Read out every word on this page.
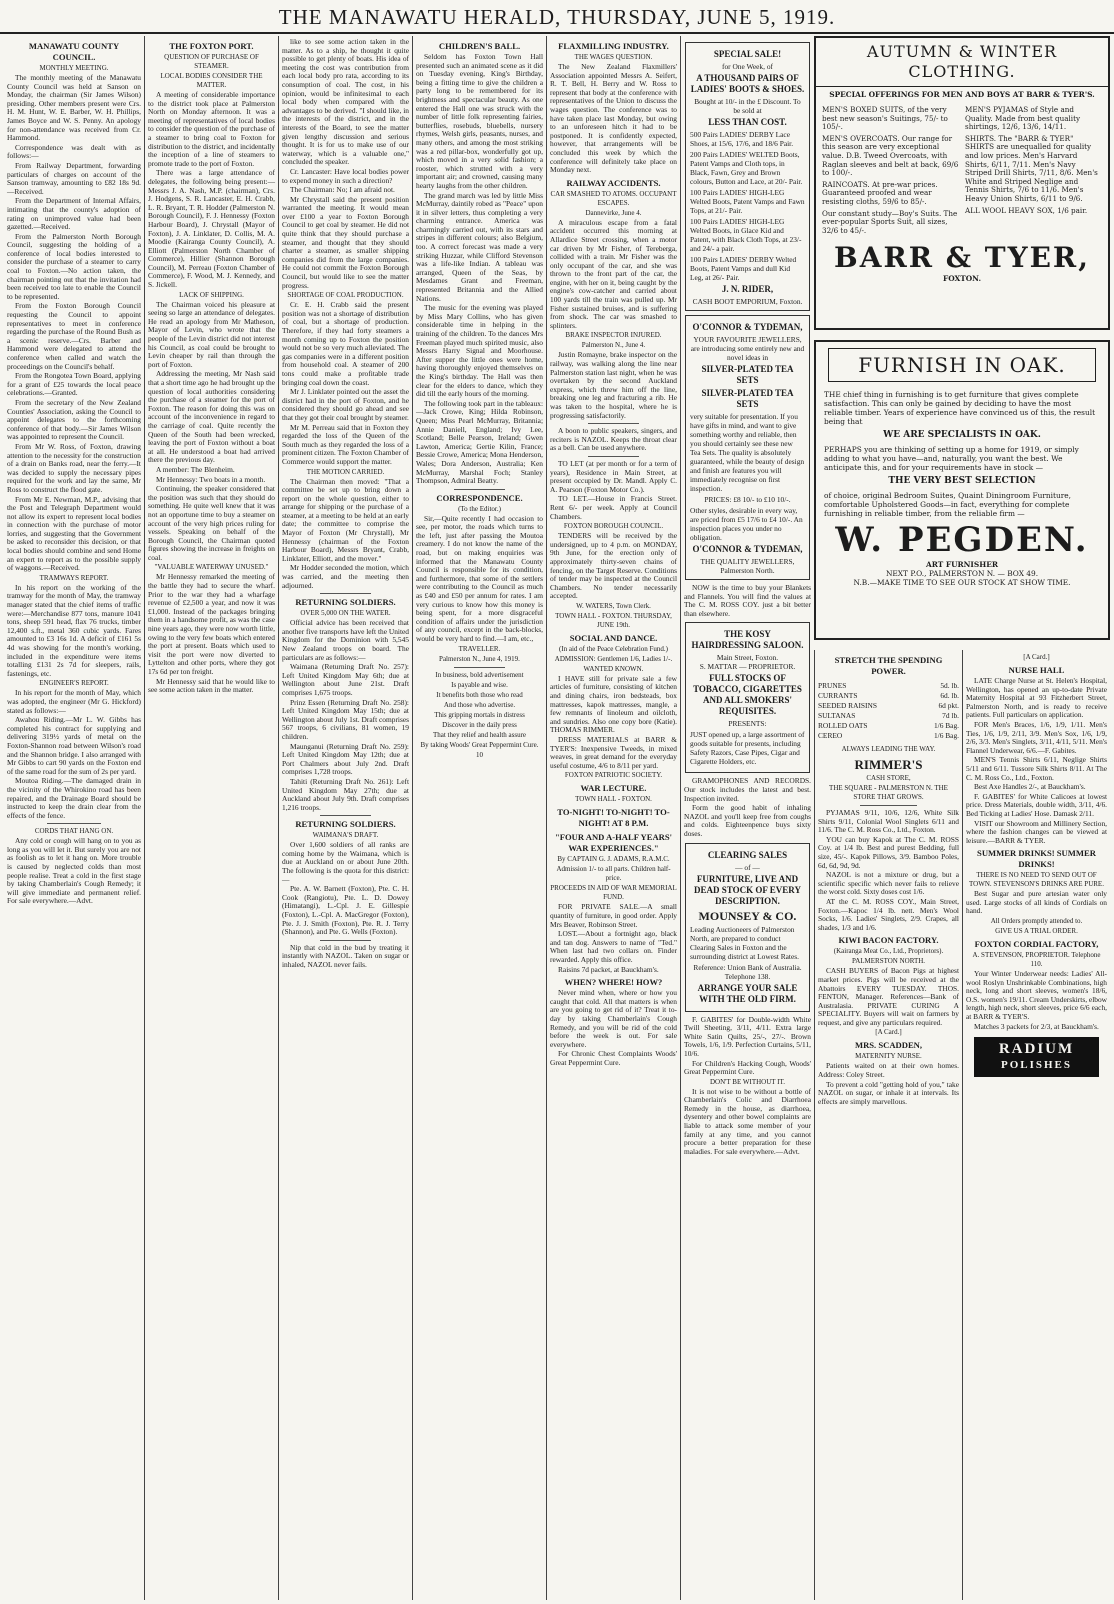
THE MANAWATU HERALD, THURSDAY, JUNE 5, 1919.
MANAWATU COUNTY COUNCIL.
MONTHLY MEETING.

The monthly meeting of the Manawatu County Council was held at Sanson on Monday, the chairman (Sir James Wilson) presiding. Other members present were Crs. H. M. Hunt, W. E. Barber, W. H. Phillips, James Boyce and W. S. Penny. An apology for non-attendance was received from Cr. Hammond.

Correspondence was dealt with as follows:—

From Railway Department, forwarding particulars of charges on account of the Sanson tramway, amounting to £82 18s 9d.—Received.

From the Department of Internal Affairs, intimating that the county's adoption of rating on unimproved value had been gazetted.—Received.

From the Palmerston North Borough Council, suggesting the holding of a conference of local bodies interested to consider the purchase of a steamer to carry coal to Foxton.—No action taken, the chairman pointing out that the invitation had been received too late to enable the Council to be represented.

From the Foxton Borough Council requesting the Council to appoint representatives to meet in conference regarding the purchase of the Round Bush as a scenic reserve.—Crs. Barber and Hammond were delegated to attend the conference when called and watch the proceedings on the Council's behalf.

From the Rongotea Town Board, applying for a grant of £25 towards the local peace celebrations.—Granted.

From the secretary of the New Zealand Counties' Association, asking the Council to appoint delegates to the forthcoming conference of that body.—Sir James Wilson was appointed to represent the Council.

From Mr W. Ross, of Foxton, drawing attention to the necessity for the construction of a drain on Banks road, near the ferry.—It was decided to supply the necessary pipes required for the work and lay the same, Mr Ross to construct the flood gate.

From Mr E. Newman, M.P., advising that the Post and Telegraph Department would not allow its expert to represent local bodies in connection with the purchase of motor lorries, and suggesting that the Government be asked to reconsider this decision, or that local bodies should combine and send Home an expert to report as to the possible supply of waggons.—Received.

TRAMWAYS REPORT.

In his report on the working of the tramway for the month of May, the tramway manager stated that the chief items of traffic were:—Merchandise 877 tons, manure 1041 tons, sheep 591 head, flax 76 trucks, timber 12,400 s.ft., metal 360 cubic yards. Fares amounted to £3 16s 1d. A deficit of £161 5s 4d was showing for the month's working, included in the expenditure were items totalling £131 2s 7d for sleepers, rails, fastenings, etc.

ENGINEER'S REPORT.

In his report for the month of May, which was adopted, the engineer (Mr G. Hickford) stated as follows:—

Awahou Riding.—Mr L. W. Gibbs has completed his contract for supplying and delivering 319½ yards of metal on the Foxton-Shannon road between Wilson's road and the Shannon bridge. I also arranged with Mr Gibbs to cart 90 yards on the Foxton end of the same road for the sum of 2s per yard.

Moutoa Riding.—The damaged drain in the vicinity of the Whirokino road has been repaired, and the Drainage Board should be instructed to keep the drain clear from the effects of the fence.

CORDS THAT HANG ON.

Any cold or cough will hang on to you as long as you will let it. But surely you are not as foolish as to let it hang on. More trouble is caused by neglected colds than most people realise. Treat a cold in the first stage by taking Chamberlain's Cough Remedy; it will give immediate and permanent relief. For sale everywhere.—Advt.

THE FOXTON PORT.
QUESTION OF PURCHASE OF STEAMER.
LOCAL BODIES CONSIDER THE MATTER.

A meeting of considerable importance to the district took place at Palmerston North on Monday afternoon. It was a meeting of representatives of local bodies to consider the question of the purchase of a steamer to bring coal to Foxton for distribution to the district, and incidentally the inception of a line of steamers to promote trade to the port of Foxton.

There was a large attendance of delegates, the following being present:—Messrs J. A. Nash, M.P. (chairman), Crs. J. Hodgens, S. R. Lancaster, E. H. Crabb, L. R. Bryant, T. R. Hodder (Palmerston N. Borough Council), F. J. Hennessy (Foxton Harbour Board), J. Chrystall (Mayor of Foxton), J. A. Linklater, D. Collis, M. A. Moodie (Kairanga County Council), A. Elliott (Palmerston North Chamber of Commerce), Hillier (Shannon Borough Council), M. Perreau (Foxton Chamber of Commerce), F. Wood, M. J. Kennedy, and S. Jickell.

LACK OF SHIPPING.

The Chairman voiced his pleasure at seeing so large an attendance of delegates. He read an apology from Mr Matheson, Mayor of Levin, who wrote that the people of the Levin district did not interest his Council, as coal could be brought to Levin cheaper by rail than through the port of Foxton.

Addressing the meeting, Mr Nash said that a short time ago he had brought up the question of local authorities considering the purchase of a steamer for the port of Foxton. The reason for doing this was on account of the inconvenience in regard to the carriage of coal. Quite recently the Queen of the South had been wrecked, leaving the port of Foxton without a boat at all. He understood a boat had arrived there the previous day.

A member: The Blenheim.

Mr Hennessy: Two boats in a month.

Continuing, the speaker considered that the position was such that they should do something. He quite well knew that it was not an opportune time to buy a steamer on account of the very high prices ruling for vessels. Speaking on behalf of the Borough Council, the Chairman quoted figures showing the increase in freights on coal.

"VALUABLE WATERWAY UNUSED."

Mr Hennessy remarked the meeting of the battle they had to secure the wharf. Prior to the war they had a wharfage revenue of £2,500 a year, and now it was £1,000. Instead of the packages bringing them in a handsome profit, as was the case nine years ago, they were now worth little, owing to the very few boats which entered the port at present. Boats which used to visit the port were now diverted to Lyttelton and other ports, where they got 17s 6d per ton freight.

Mr Hennessy said that he would like to see some action taken in the matter.

like to see some action taken in the matter. As to a ship, he thought it quite possible to get plenty of boats. His idea of meeting the cost was contribution from each local body pro rata, according to its consumption of coal. The cost, in his opinion, would be infinitesimal to each local body when compared with the advantages to be derived. "I should like, in the interests of the district, and in the interests of the Board, to see the matter given lengthy discussion and serious thought. It is for us to make use of our waterway, which is a valuable one," concluded the speaker.

Cr. Lancaster: Have local bodies power to expend money in such a direction?

The Chairman: No; I am afraid not.

Mr Chrystall said the present position warranted the meeting. It would mean over £100 a year to Foxton Borough Council to get coal by steamer. He did not quite think that they should purchase a steamer, and thought that they should charter a steamer, as smaller shipping companies did from the large companies. He could not commit the Foxton Borough Council, but would like to see the matter progress.

SHORTAGE OF COAL PRODUCTION.

Cr. E. H. Crabb said the present position was not a shortage of distribution of coal, but a shortage of production. Therefore, if they had forty steamers a month coming up to Foxton the position would not be so very much alleviated. The gas companies were in a different position from household coal. A steamer of 200 tons could make a profitable trade bringing coal down the coast.

Mr J. Linklater pointed out the asset the district had in the port of Foxton, and he considered they should go ahead and see that they got their coal brought by steamer.

Mr M. Perreau said that in Foxton they regarded the loss of the Queen of the South much as they regarded the loss of a prominent citizen. The Foxton Chamber of Commerce would support the matter.

THE MOTION CARRIED.

The Chairman then moved: "That a committee be set up to bring down a report on the whole question, either to arrange for shipping or the purchase of a steamer, at a meeting to be held at an early date; the committee to comprise the Mayor of Foxton (Mr Chrystall), Mr Hennessy (chairman of the Foxton Harbour Board), Messrs Bryant, Crabb, Linklater, Elliott, and the mover."

Mr Hodder seconded the motion, which was carried, and the meeting then adjourned.

RETURNING SOLDIERS.
OVER 5,000 ON THE WATER.

Official advice has been received that another five transports have left the United Kingdom for the Dominion with 5,545 New Zealand troops on board. The particulars are as follows:—

Waimana (Returning Draft No. 257): Left United Kingdom May 6th; due at Wellington about June 21st. Draft comprises 1,675 troops.

Prinz Essen (Returning Draft No. 258): Left United Kingdom May 15th; due at Wellington about July 1st. Draft comprises 567 troops, 6 civilians, 81 women, 19 children.

Maunganui (Returning Draft No. 259): Left United Kingdom May 12th; due at Port Chalmers about July 2nd. Draft comprises 1,728 troops.

Tahiti (Returning Draft No. 261): Left United Kingdom May 27th; due at Auckland about July 9th. Draft comprises 1,216 troops.

RETURNING SOLDIERS.
WAIMANA'S DRAFT.

Over 1,600 soldiers of all ranks are coming home by the Waimana, which is due at Auckland on or about June 20th. The following is the quota for this district:—

Pte. A. W. Barnett (Foxton), Pte. C. H. Cook (Rangiotu), Pte. L. D. Dowey (Himatangi), L.-Cpl. J. E. Gillespie (Foxton), L.-Cpl. A. MacGregor (Foxton), Pte. J. J. Smith (Foxton), Pte. R. J. Terry (Shannon), and Pte. G. Wells (Foxton).

Nip that cold in the bud by treating it instantly with NAZOL. Taken on sugar or inhaled, NAZOL never fails.

CHILDREN'S BALL.

Seldom has Foxton Town Hall presented such an animated scene as it did on Tuesday evening, King's Birthday, being a fitting time to give the children a party long to be remembered for its brightness and spectacular beauty. As one entered the Hall one was struck with the number of little folk representing fairies, butterflies, rosebuds, bluebells, nursery rhymes, Welsh girls, peasants, nurses, and many others, and among the most striking was a red pillar-box, wonderfully got up, which moved in a very solid fashion; a rooster, which strutted with a very important air; and crowned, causing many hearty laughs from the other children.

The grand march was led by little Miss McMurray, daintily robed as "Peace" upon it in silver letters, thus completing a very charming entrance. America was charmingly carried out, with its stars and stripes in different colours; also Belgium, too. A correct forecast was made a very striking Huzzar, while Clifford Stevenson was a life-like Indian. A tableau was arranged, Queen of the Seas, by Mesdames Grant and Freeman, represented Britannia and the Allied Nations.

The music for the evening was played by Miss Mary Collins, who has given considerable time in helping in the training of the children. To the dances Mrs Freeman played much spirited music, also Messrs Harry Signal and Moorhouse. After supper the little ones were home, having thoroughly enjoyed themselves on the King's birthday. The Hall was then clear for the elders to dance, which they did till the early hours of the morning.

The following took part in the tableaux:—Jack Crowe, King; Hilda Robinson, Queen; Miss Pearl McMurray, Britannia; Annie Daniell, England; Ivy Lee, Scotland; Belle Pearson, Ireland; Gwen Lawton, America; Gertie Kilin, France; Bessie Crowe, America; Mona Henderson, Wales; Dora Anderson, Australia; Ken McMurray, Marshal Foch; Stanley Thompson, Admiral Beatty.

CORRESPONDENCE.
(To the Editor.)

Sir,—Quite recently I had occasion to see, per motor, the roads which turns to the left, just after passing the Moutoa creamery. I do not know the name of the road, but on making enquiries was informed that the Manawatu County Council is responsible for its condition, and furthermore, that some of the settlers were contributing to the Council as much as £40 and £50 per annum for rates. I am very curious to know how this money is being spent, for a more disgraceful condition of affairs under the jurisdiction of any council, except in the back-blocks, would be very hard to find.—I am, etc.,

TRAVELLER.
Palmerston N., June 4, 1919.
In business, bold advertisement
Is payable and wise.
It benefits both those who read
And those who advertise.
This gripping mortals in distress
Discover in the daily press
That they relief and health assure
By taking Woods' Great Peppermint Cure.
10
FLAXMILLING INDUSTRY.
THE WAGES QUESTION.

The New Zealand Flaxmillers' Association appointed Messrs A. Seifert, R. T. Bell, H. Berry and W. Ross to represent that body at the conference with representatives of the Union to discuss the wages question. The conference was to have taken place last Monday, but owing to an unforeseen hitch it had to be postponed. It is confidently expected, however, that arrangements will be concluded this week by which the conference will definitely take place on Monday next.

RAILWAY ACCIDENTS.
CAR SMASHED TO ATOMS. OCCUPANT ESCAPES.
Dannevirke, June 4.

A miraculous escape from a fatal accident occurred this morning at Allardice Street crossing, when a motor car driven by Mr Fisher, of Tereberga, collided with a train. Mr Fisher was the only occupant of the car, and she was thrown to the front part of the car, the engine, with her on it, being caught by the engine's cow-catcher and carried about 100 yards till the train was pulled up. Mr Fisher sustained bruises, and is suffering from shock. The car was smashed to splinters.

BRAKE INSPECTOR INJURED.
Palmerston N., June 4.

Justin Romayne, brake inspector on the railway, was walking along the line near Palmerston station last night, when he was overtaken by the second Auckland express, which threw him off the line, breaking one leg and fracturing a rib. He was taken to the hospital, where he is progressing satisfactorily.

A boon to public speakers, singers, and reciters is NAZOL. Keeps the throat clear as a bell. Can be used anywhere.

TO LET (at per month or for a term of years), Residence in Main Street, at present occupied by Dr. Mandl. Apply C. A. Pearson (Foxton Motor Co.).

TO LET.—House in Francis Street. Rent 6/- per week. Apply at Council Chambers.

FOXTON BOROUGH COUNCIL.

TENDERS will be received by the undersigned, up to 4 p.m. on MONDAY, 9th June, for the erection only of approximately thirty-seven chains of fencing, on the Target Reserve. Conditions of tender may be inspected at the Council Chambers. No tender necessarily accepted.

W. WATERS, Town Clerk.
TOWN HALL - FOXTON. THURSDAY, JUNE 19th.
SOCIAL AND DANCE.
(In aid of the Peace Celebration Fund.)
ADMISSION: Gentlemen 1/6, Ladies 1/-.
WANTED KNOWN.

I HAVE still for private sale a few articles of furniture, consisting of kitchen and dining chairs, iron bedsteads, box mattresses, kapok mattresses, mangle, a few remnants of linoleum and oilcloth, and sundries. Also one copy bore (Katie). THOMAS RIMMER.

DRESS MATERIALS at BARR & TYER'S: Inexpensive Tweeds, in mixed weaves, in great demand for the everyday useful costume, 4/6 to 8/11 per yard.

FOXTON PATRIOTIC SOCIETY.
WAR LECTURE.
TOWN HALL - FOXTON.
TO-NIGHT! TO-NIGHT! TO-NIGHT! AT 8 P.M.
"FOUR AND A-HALF YEARS' WAR EXPERIENCES."
By CAPTAIN G. J. ADAMS, R.A.M.C.
Admission 1/- to all parts. Children half-price.
PROCEEDS IN AID OF WAR MEMORIAL FUND.

FOR PRIVATE SALE.—A small quantity of furniture, in good order. Apply Mrs Beaver, Robinson Street.

LOST.—About a fortnight ago, black and tan dog. Answers to name of "Ted." When last had two collars on. Finder rewarded. Apply this office.

Raisins 7d packet, at Bauckham's.

WHEN? WHERE! HOW?

Never mind when, where or how you caught that cold. All that matters is when are you going to get rid of it? Treat it to-day by taking Chamberlain's Cough Remedy, and you will be rid of the cold before the week is out. For sale everywhere.

For Chronic Chest Complaints Woods' Great Peppermint Cure.

SPECIAL SALE!
for One Week, of
A THOUSAND PAIRS OF LADIES' BOOTS & SHOES.
Bought at 10/- in the £ Discount. To be sold at
LESS THAN COST.

500 Pairs LADIES' DERBY Lace Shoes, at 15/6, 17/6, and 18/6 Pair.

200 Pairs LADIES' WELTED Boots, Patent Vamps and Cloth tops, in Black, Fawn, Grey and Brown colours, Button and Lace, at 20/- Pair.

100 Pairs LADIES' HIGH-LEG Welted Boots, Patent Vamps and Fawn Tops, at 21/- Pair.

100 Pairs LADIES' HIGH-LEG Welted Boots, in Glace Kid and Patent, with Black Cloth Tops, at 23/- and 24/- a pair.

100 Pairs LADIES' DERBY Welted Boots, Patent Vamps and dull Kid Leg, at 26/- Pair.

J. N. RIDER,
CASH BOOT EMPORIUM, Foxton.
O'CONNOR & TYDEMAN,
YOUR FAVOURITE JEWELLERS,
are introducing some entirely new and novel ideas in
SILVER-PLATED TEA SETS
SILVER-PLATED TEA SETS

very suitable for presentation. If you have gifts in mind, and want to give something worthy and reliable, then you should certainly see these new Tea Sets. The quality is absolutely guaranteed, while the beauty of design and finish are features you will immediately recognise on first inspection.

PRICES: £8 10/- to £10 10/-.

Other styles, desirable in every way, are priced from £5 17/6 to £4 10/-. An inspection places you under no obligation.

O'CONNOR & TYDEMAN,
THE QUALITY JEWELLERS, Palmerston North.

NOW is the time to buy your Blankets and Flannels. You will find the values at The C. M. ROSS COY. just a bit better than elsewhere.

THE KOSY HAIRDRESSING SALOON.
Main Street, Foxton.
S. MATTAR — PROPRIETOR.
FULL STOCKS OF TOBACCO, CIGARETTES AND ALL SMOKERS' REQUISITES.
PRESENTS:

JUST opened up, a large assortment of goods suitable for presents, including Safety Razors, Case Pipes, Cigar and Cigarette Holders, etc.

GRAMOPHONES AND RECORDS. Our stock includes the latest and best. Inspection invited.

Form the good habit of inhaling NAZOL and you'll keep free from coughs and colds. Eighteenpence buys sixty doses.

CLEARING SALES
— of —
FURNITURE, LIVE AND DEAD STOCK OF EVERY DESCRIPTION.
MOUNSEY & CO.

Leading Auctioneers of Palmerston North, are prepared to conduct Clearing Sales in Foxton and the surrounding district at Lowest Rates.

Reference: Union Bank of Australia.
Telephone 138.
ARRANGE YOUR SALE WITH THE OLD FIRM.

F. GABITES' for Double-width White Twill Sheeting, 3/11, 4/11. Extra large White Satin Quilts, 25/-, 27/-. Brown Towels, 1/6, 1/9. Perfection Curtains, 5/11, 10/6.

For Children's Hacking Cough, Woods' Great Peppermint Cure.

DON'T BE WITHOUT IT.

It is not wise to be without a bottle of Chamberlain's Colic and Diarrhoea Remedy in the house, as diarrhoea, dysentery and other bowel complaints are liable to attack some member of your family at any time, and you cannot procure a better preparation for these maladies. For sale everywhere.—Advt.

AUTUMN & WINTER CLOTHING.
SPECIAL OFFERINGS FOR MEN AND BOYS AT BARR & TYER'S.

MEN'S BOXED SUITS, of the very best new season's Suitings, 75/- to 105/-.

MEN'S OVERCOATS. Our range for this season are very exceptional value. D.B. Tweed Overcoats, with Raglan sleeves and belt at back, 69/6 to 100/-.

RAINCOATS. At pre-war prices. Guaranteed proofed and wear resisting cloths, 59/6 to 85/-.

Our constant study—Boy's Suits. The ever-popular Sports Suit, all sizes, 32/6 to 45/-.

MEN'S PYJAMAS of Style and Quality. Made from best quality shirtings, 12/6, 13/6, 14/11.

SHIRTS. The "BARR & TYER" SHIRTS are unequalled for quality and low prices. Men's Harvard Shirts, 6/11, 7/11. Men's Navy Striped Drill Shirts, 7/11, 8/6. Men's White and Striped Neglige and Tennis Shirts, 7/6 to 11/6. Men's Heavy Union Shirts, 6/11 to 9/6.

ALL WOOL HEAVY SOX, 1/6 pair.

BARR & TYER,
FOXTON.
FURNISH IN OAK.

THE chief thing in furnishing is to get furniture that gives complete satisfaction. This can only be gained by deciding to have the most reliable timber. Years of experience have convinced us of this, the result being that

WE ARE SPECIALISTS IN OAK.

PERHAPS you are thinking of setting up a home for 1919, or simply adding to what you have—and, naturally, you want the best. We anticipate this, and for your requirements have in stock —

THE VERY BEST SELECTION

of choice, original Bedroom Suites, Quaint Diningroom Furniture, comfortable Upholstered Goods—in fact, everything for complete furnishing in reliable timber, from the reliable firm —

W. PEGDEN.
ART FURNISHER
NEXT P.O., PALMERSTON N. — BOX 49.
N.B.—MAKE TIME TO SEE OUR STOCK AT SHOW TIME.
STRETCH THE SPENDING POWER.
PRUNES	5d. lb.
CURRANTS	6d. lb.
SEEDED RAISINS	6d pkt.
SULTANAS	7d lb.
ROLLED OATS	1/6 Bag.
CEREO	1/6 Bag.
ALWAYS LEADING THE WAY.
RIMMER'S
CASH STORE,
THE SQUARE - PALMERSTON N. THE STORE THAT GROWS.

PYJAMAS 9/11, 10/6, 12/6, White Silk Shirts 9/11, Colonial Wool Singlets 6/11 and 11/6. The C. M. Ross Co., Ltd., Foxton.

YOU can buy Kapok at The C. M. ROSS Coy. at 1/4 lb. Best and purest Bedding, full size, 45/-. Kapok Pillows, 3/9. Bamboo Poles, 6d, 6d, 9d, 9d.

NAZOL is not a mixture or drug, but a scientific specific which never fails to relieve the worst cold. Sixty doses cost 1/6.

AT the C. M. ROSS COY., Main Street, Foxton.—Kapoc 1/4 lb. nett. Men's Wool Socks, 1/6. Ladies' Singlets, 2/9. Crapes, all shades, 1/3 and 1/6.

KIWI BACON FACTORY.
(Kairanga Meat Co., Ltd., Proprietors).
PALMERSTON NORTH.

CASH BUYERS of Bacon Pigs at highest market prices. Pigs will be received at the Abattoirs EVERY TUESDAY. THOS. FENTON, Manager. References—Bank of Australasia. PRIVATE CURING A SPECIALITY. Buyers will wait on farmers by request, and give any particulars required.

[A Card.]
MRS. SCADDEN,
MATERNITY NURSE.

Patients waited on at their own homes. Address: Coley Street.

To prevent a cold "getting hold of you," take NAZOL on sugar, or inhale it at intervals. Its effects are simply marvellous.

[A Card.]
NURSE HALL

LATE Charge Nurse at St. Helen's Hospital, Wellington, has opened an up-to-date Private Maternity Hospital at 93 Fitzherbert Street, Palmerston North, and is ready to receive patients. Full particulars on application.

FOR Men's Braces, 1/6, 1/9, 1/11. Men's Ties, 1/6, 1/9, 2/11, 3/9. Men's Sox, 1/6, 1/9, 2/6, 3/3. Men's Singlets, 3/11, 4/11, 5/11. Men's Flannel Underwear, 6/6.—F. Gabites.

MEN'S Tennis Shirts 6/11, Neglige Shirts 5/11 and 6/11. Tussore Silk Shirts 8/11. At The C. M. Ross Co., Ltd., Foxton.

Best Axe Handles 2/-, at Bauckham's.

F. GABITES' for White Calicoes at lowest price. Dress Materials, double width, 3/11, 4/6. Bed Ticking at Ladies' Hose. Damask 2/11.

VISIT our Showroom and Millinery Section, where the fashion changes can be viewed at leisure.—BARR & TYER.

SUMMER DRINKS! SUMMER DRINKS!
THERE IS NO NEED TO SEND OUT OF TOWN. STEVENSON'S DRINKS ARE PURE.

Best Sugar and pure artesian water only used. Large stocks of all kinds of Cordials on hand.

All Orders promptly attended to.
GIVE US A TRIAL ORDER.
FOXTON CORDIAL FACTORY,
A. STEVENSON, PROPRIETOR. Telephone 110.

Your Winter Underwear needs: Ladies' All-wool Roslyn Unshrinkable Combinations, high neck, long and short sleeves, women's 18/6, O.S. women's 19/11. Cream Underskirts, elbow length, high neck, short sleeves, price 6/6 each, at BARR & TYER'S.

Matches 3 packets for 2/3, at Bauckham's.

RADIUM
POLISHES
